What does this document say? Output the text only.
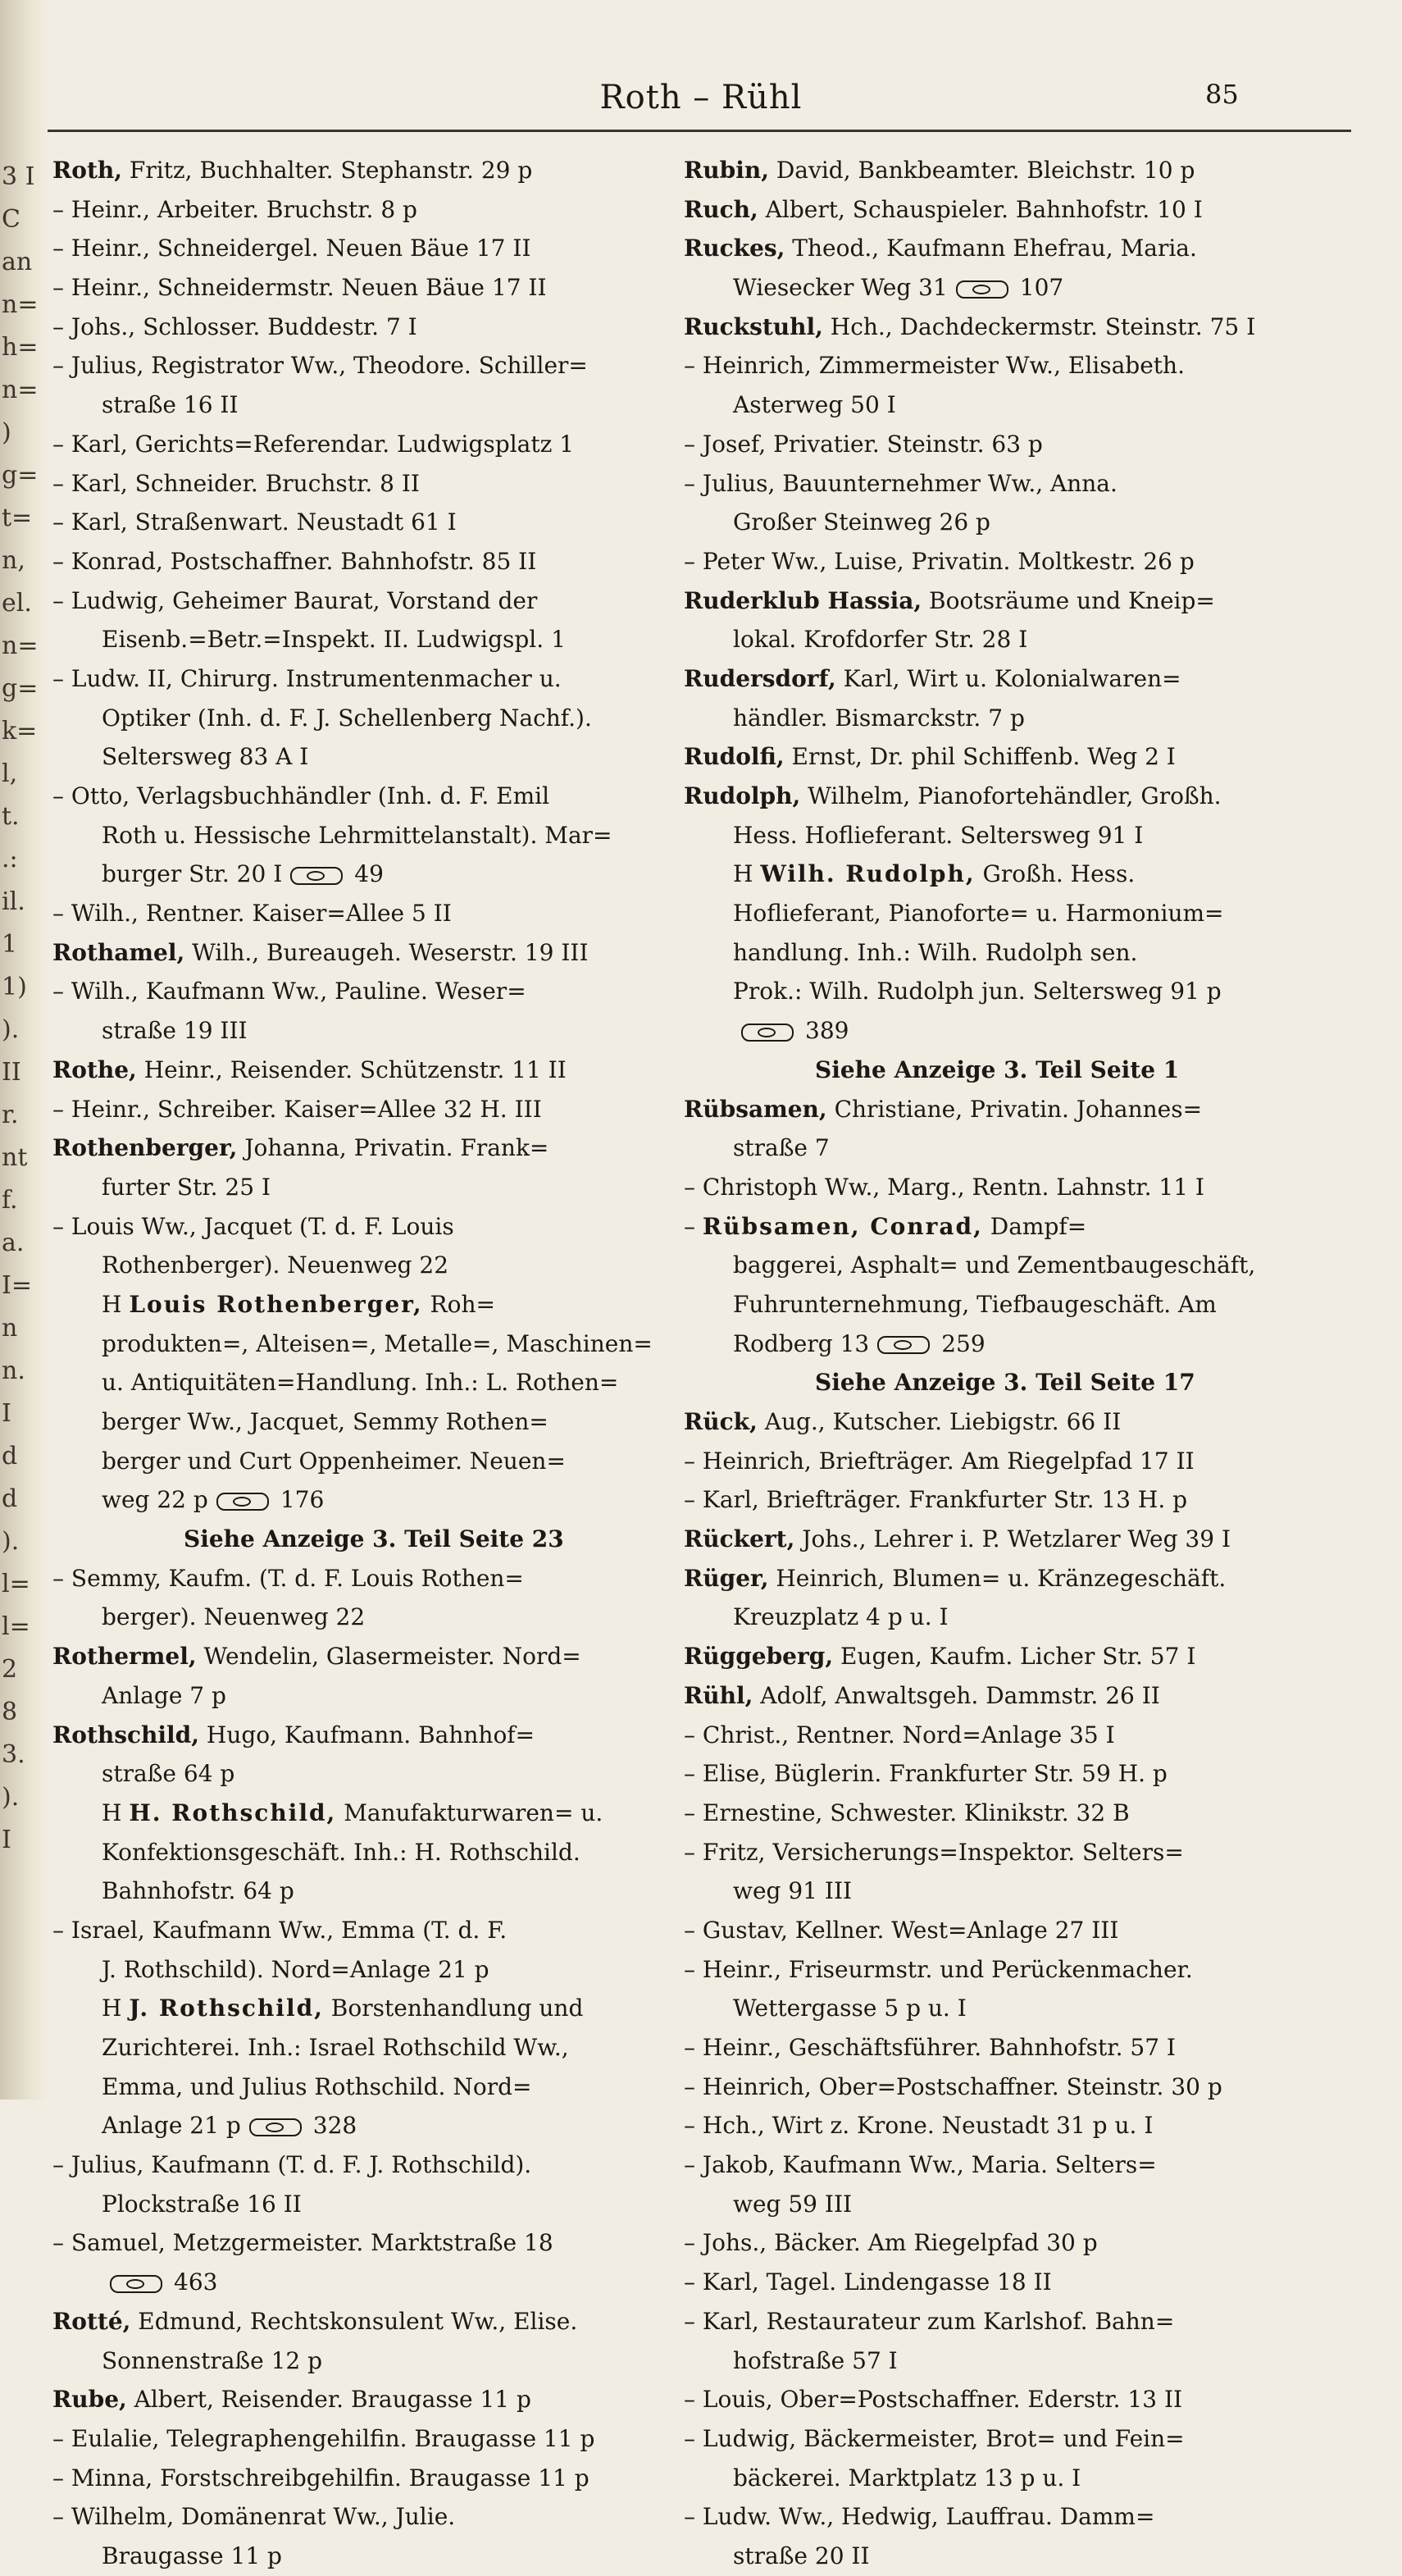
3 I
C
an
n=
h=
n=
)
g=
t=
n,
el.
n=
g=
k=
l,
t.
.:
il.
1
1)
).
II
r.
nt
f.
a.
I=
n
n.
I
d
d
).
l=
l=
2
8
3.
).
I
Roth – Rühl	85
Roth, Fritz, Buchhalter. Stephanstr. 29 p
– Heinr., Arbeiter. Bruchstr. 8 p
– Heinr., Schneidergel. Neuen Bäue 17 II
– Heinr., Schneidermstr. Neuen Bäue 17 II
– Johs., Schlosser. Buddestr. 7 I
– Julius, Registrator Ww., Theodore. Schiller=
straße 16 II
– Karl, Gerichts=Referendar. Ludwigsplatz 1
– Karl, Schneider. Bruchstr. 8 II
– Karl, Straßenwart. Neustadt 61 I
– Konrad, Postschaffner. Bahnhofstr. 85 II
– Ludwig, Geheimer Baurat, Vorstand der
Eisenb.=Betr.=Inspekt. II. Ludwigspl. 1
– Ludw. II, Chirurg. Instrumentenmacher u.
Optiker (Inh. d. F. J. Schellenberg Nachf.).
Seltersweg 83 A I
– Otto, Verlagsbuchhändler (Inh. d. F. Emil
Roth u. Hessische Lehrmittelanstalt). Mar=
burger Str. 20 I	49
– Wilh., Rentner. Kaiser=Allee 5 II
Rothamel, Wilh., Bureaugeh. Weserstr. 19 III
– Wilh., Kaufmann Ww., Pauline. Weser=
straße 19 III
Rothe, Heinr., Reisender. Schützenstr. 11 II
– Heinr., Schreiber. Kaiser=Allee 32 H. III
Rothenberger, Johanna, Privatin. Frank=
furter Str. 25 I
– Louis Ww., Jacquet (T. d. F. Louis
Rothenberger). Neuenweg 22
H Louis Rothenberger, Roh=
produkten=, Alteisen=, Metalle=, Maschinen=
u. Antiquitäten=Handlung. Inh.: L. Rothen=
berger Ww., Jacquet, Semmy Rothen=
berger und Curt Oppenheimer. Neuen=
weg 22 p	176
Siehe Anzeige 3. Teil Seite 23
– Semmy, Kaufm. (T. d. F. Louis Rothen=
berger). Neuenweg 22
Rothermel, Wendelin, Glasermeister. Nord=
Anlage 7 p
Rothschild, Hugo, Kaufmann. Bahnhof=
straße 64 p
H H. Rothschild, Manufakturwaren= u.
Konfektionsgeschäft. Inh.: H. Rothschild.
Bahnhofstr. 64 p
– Israel, Kaufmann Ww., Emma (T. d. F.
J. Rothschild). Nord=Anlage 21 p
H J. Rothschild, Borstenhandlung und
Zurichterei. Inh.: Israel Rothschild Ww.,
Emma, und Julius Rothschild. Nord=
Anlage 21 p	328
– Julius, Kaufmann (T. d. F. J. Rothschild).
Plockstraße 16 II
– Samuel, Metzgermeister. Marktstraße 18
463
Rotté, Edmund, Rechtskonsulent Ww., Elise.
Sonnenstraße 12 p
Rube, Albert, Reisender. Braugasse 11 p
– Eulalie, Telegraphengehilfin. Braugasse 11 p
– Minna, Forstschreibgehilfin. Braugasse 11 p
– Wilhelm, Domänenrat Ww., Julie.
Braugasse 11 p
Rubin, David, Bankbeamter. Bleichstr. 10 p
Ruch, Albert, Schauspieler. Bahnhofstr. 10 I
Ruckes, Theod., Kaufmann Ehefrau, Maria.
Wiesecker Weg 31	107
Ruckstuhl, Hch., Dachdeckermstr. Steinstr. 75 I
– Heinrich, Zimmermeister Ww., Elisabeth.
Asterweg 50 I
– Josef, Privatier. Steinstr. 63 p
– Julius, Bauunternehmer Ww., Anna.
Großer Steinweg 26 p
– Peter Ww., Luise, Privatin. Moltkestr. 26 p
Ruderklub Hassia, Bootsräume und Kneip=
lokal. Krofdorfer Str. 28 I
Rudersdorf, Karl, Wirt u. Kolonialwaren=
händler. Bismarckstr. 7 p
Rudolfi, Ernst, Dr. phil Schiffenb. Weg 2 I
Rudolph, Wilhelm, Pianofortehändler, Großh.
Hess. Hoflieferant. Seltersweg 91 I
H Wilh. Rudolph, Großh. Hess.
Hoflieferant, Pianoforte= u. Harmonium=
handlung. Inh.: Wilh. Rudolph sen.
Prok.: Wilh. Rudolph jun. Seltersweg 91 p
389
Siehe Anzeige 3. Teil Seite 1
Rübsamen, Christiane, Privatin. Johannes=
straße 7
– Christoph Ww., Marg., Rentn. Lahnstr. 11 I
– Rübsamen, Conrad, Dampf=
baggerei, Asphalt= und Zementbaugeschäft,
Fuhrunternehmung, Tiefbaugeschäft. Am
Rodberg 13	259
Siehe Anzeige 3. Teil Seite 17
Rück, Aug., Kutscher. Liebigstr. 66 II
– Heinrich, Briefträger. Am Riegelpfad 17 II
– Karl, Briefträger. Frankfurter Str. 13 H. p
Rückert, Johs., Lehrer i. P. Wetzlarer Weg 39 I
Rüger, Heinrich, Blumen= u. Kränzegeschäft.
Kreuzplatz 4 p u. I
Rüggeberg, Eugen, Kaufm. Licher Str. 57 I
Rühl, Adolf, Anwaltsgeh. Dammstr. 26 II
– Christ., Rentner. Nord=Anlage 35 I
– Elise, Büglerin. Frankfurter Str. 59 H. p
– Ernestine, Schwester. Klinikstr. 32 B
– Fritz, Versicherungs=Inspektor. Selters=
weg 91 III
– Gustav, Kellner. West=Anlage 27 III
– Heinr., Friseurmstr. und Perückenmacher.
Wettergasse 5 p u. I
– Heinr., Geschäftsführer. Bahnhofstr. 57 I
– Heinrich, Ober=Postschaffner. Steinstr. 30 p
– Hch., Wirt z. Krone. Neustadt 31 p u. I
– Jakob, Kaufmann Ww., Maria. Selters=
weg 59 III
– Johs., Bäcker. Am Riegelpfad 30 p
– Karl, Tagel. Lindengasse 18 II
– Karl, Restaurateur zum Karlshof. Bahn=
hofstraße 57 I
– Louis, Ober=Postschaffner. Ederstr. 13 II
– Ludwig, Bäckermeister, Brot= und Fein=
bäckerei. Marktplatz 13 p u. I
– Ludw. Ww., Hedwig, Lauffrau. Damm=
straße 20 II
